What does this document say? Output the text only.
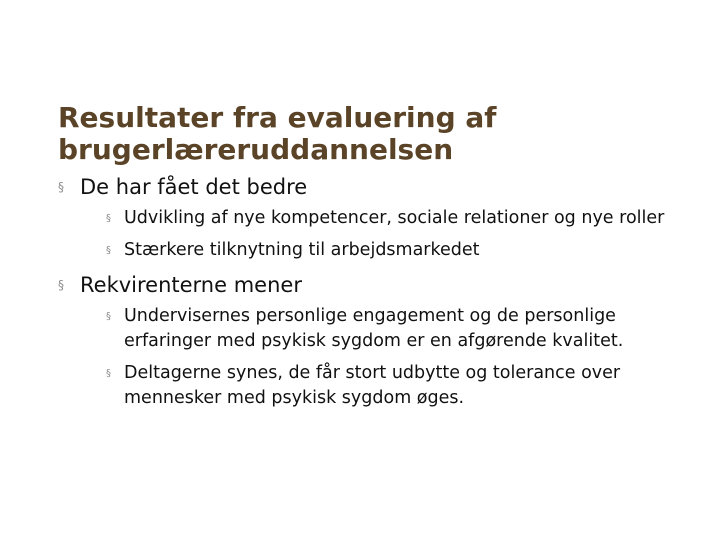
Resultater fra evaluering af brugerlæreruddannelsen
§ De har fået det bedre
§ Udvikling af nye kompetencer, sociale relationer og nye roller
§ Stærkere tilknytning til arbejdsmarkedet
§ Rekvirenterne mener
§ Undervisernes personlige engagement og de personlige erfaringer med psykisk sygdom er en afgørende kvalitet.
§ Deltagerne synes, de får stort udbytte og tolerance over mennesker med psykisk sygdom øges.
